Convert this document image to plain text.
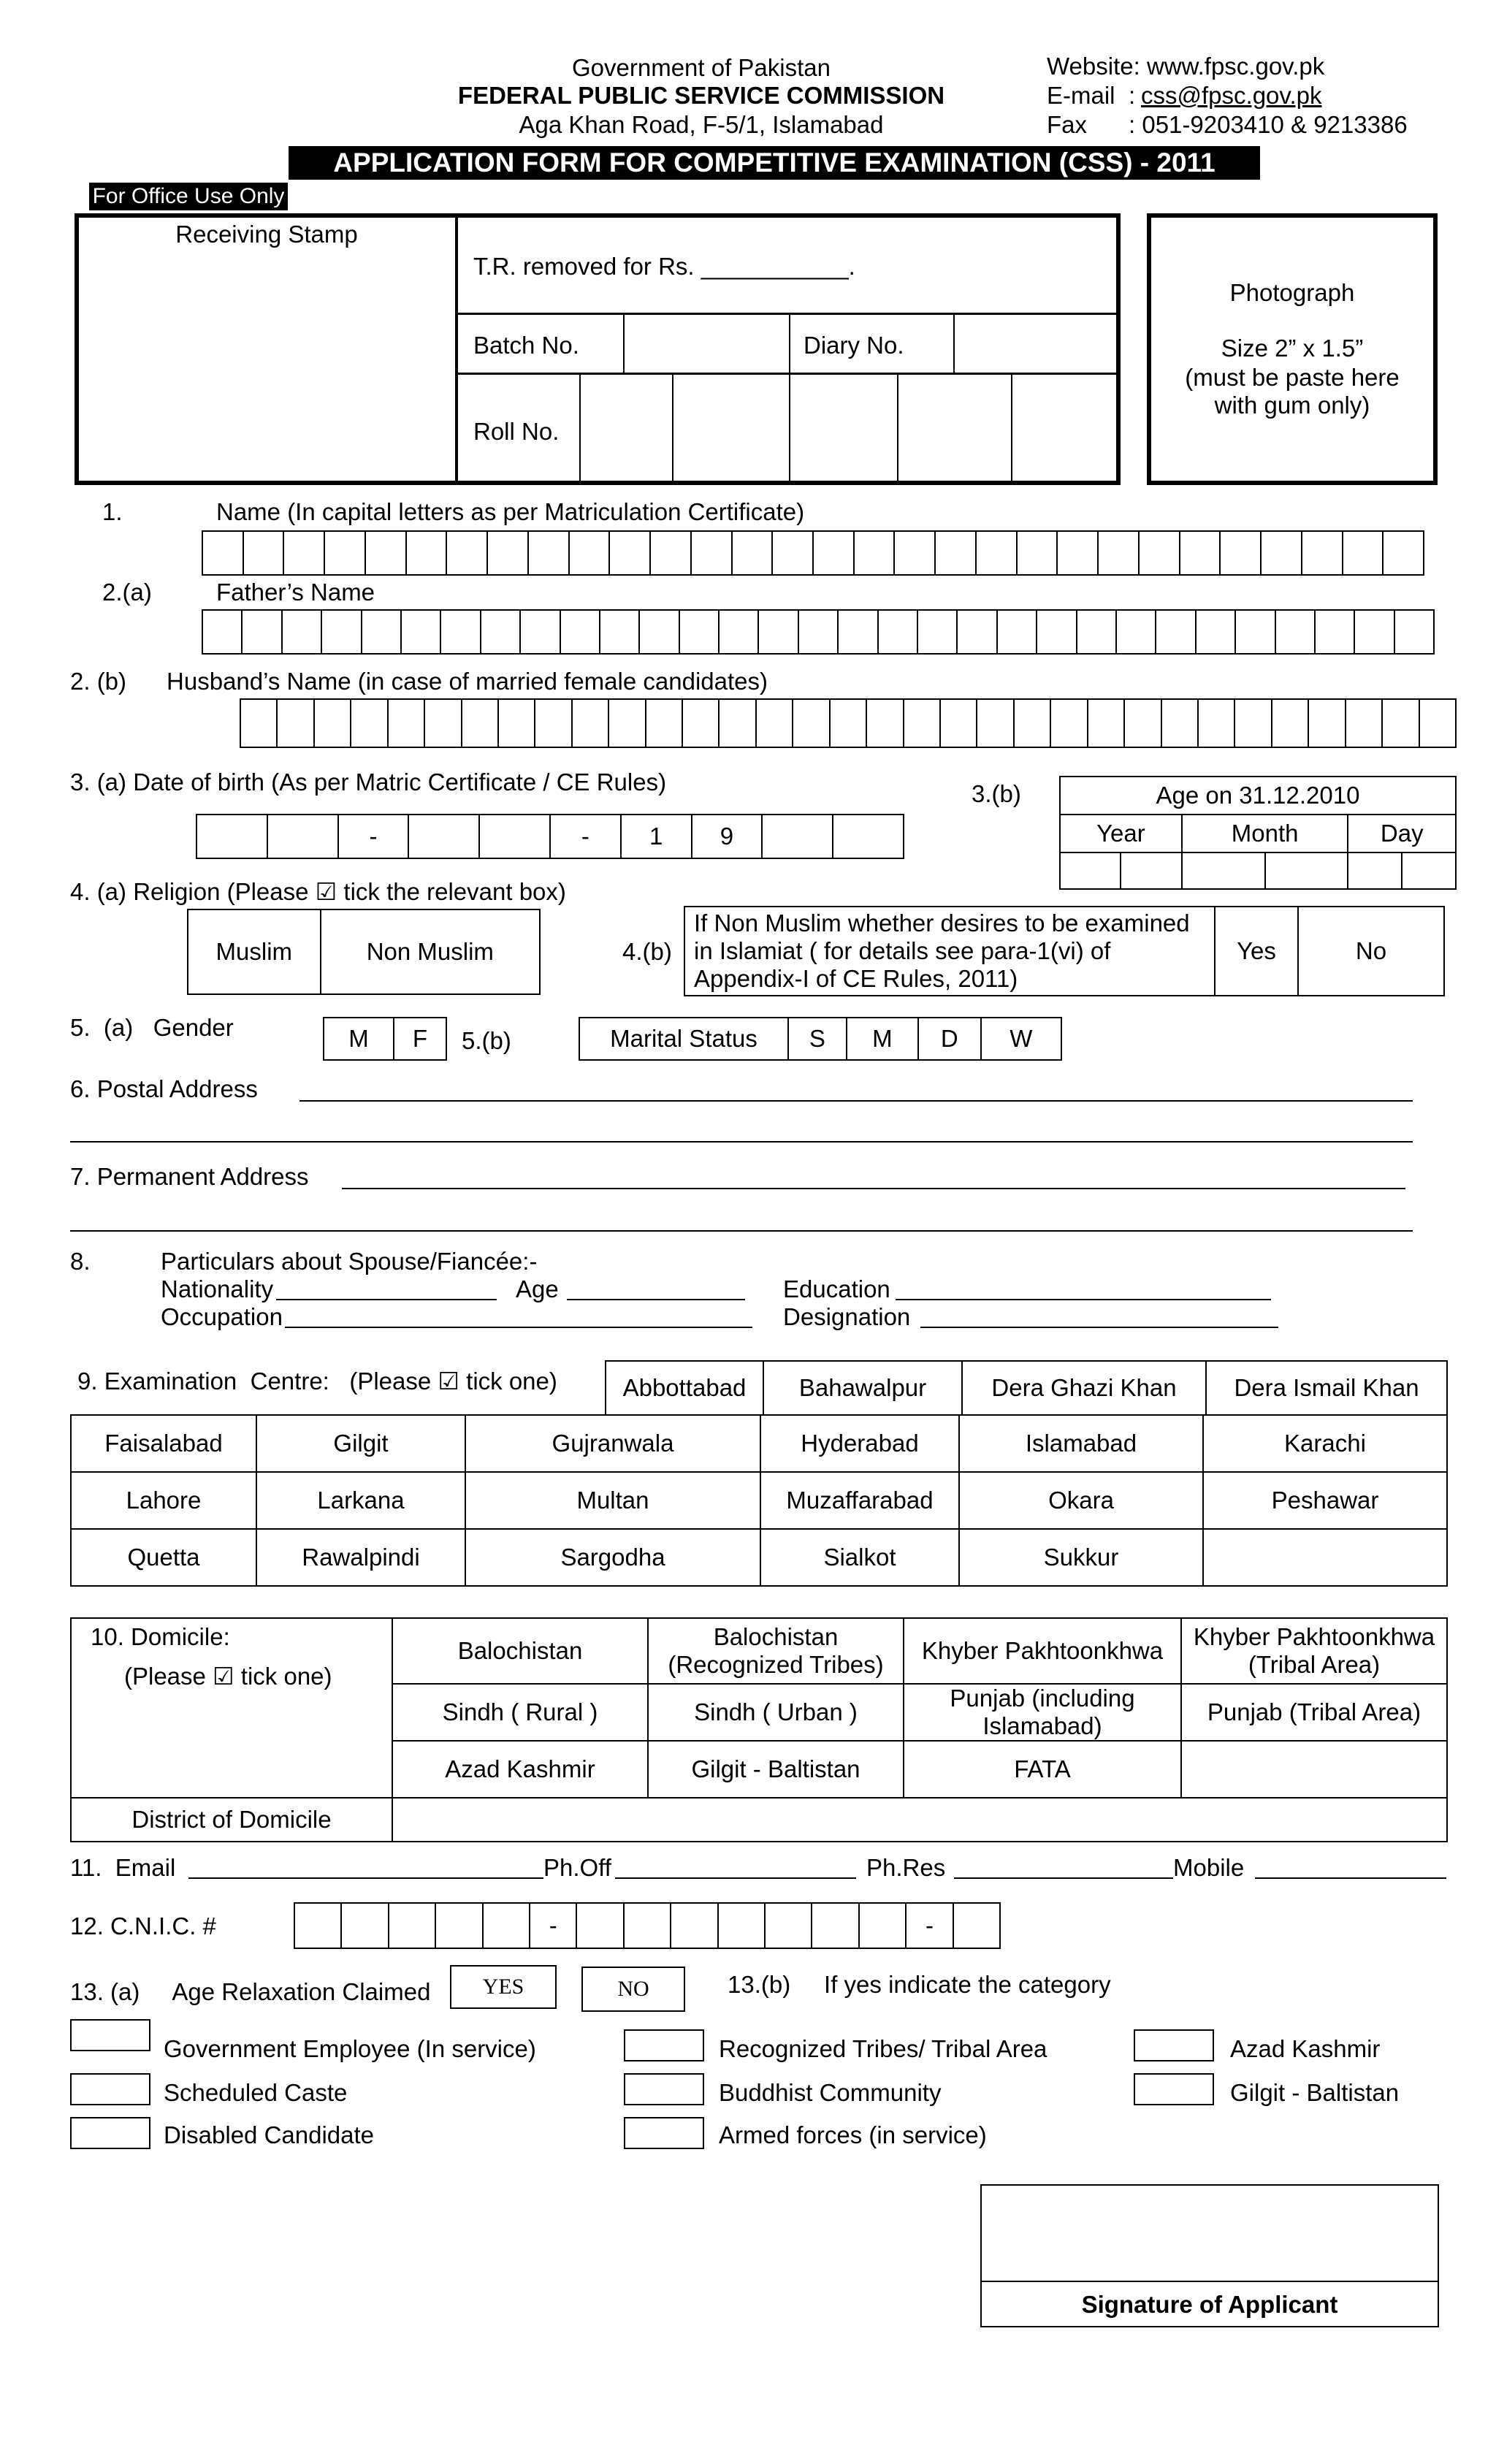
Government of Pakistan
FEDERAL PUBLIC SERVICE COMMISSION
Aga Khan Road, F-5/1, Islamabad
Website: www.fpsc.gov.pk
E-mail : css@fpsc.gov.pk
Fax : 051-9203410 & 9213386
APPLICATION FORM FOR COMPETITIVE EXAMINATION (CSS) - 2011
For Office Use Only
Receiving Stamp
T.R. removed for Rs. ___________.
Batch No.	Diary No.
Roll No.
Photograph
Size 2” x 1.5”
(must be paste here with gum only)
1.	Name (In capital letters as per Matriculation Certificate)
2.(a)	Father’s Name
2. (b)      Husband’s Name (in case of married female candidates)
3. (a) Date of birth (As per Matric Certificate / CE Rules)
-	-	1	9
3.(b)	Age on 31.12.2010					
Year		Month		Day	

4. (a) Religion (Please ☑ tick the relevant box)
Muslim	Non Muslim	4.(b)
If Non Muslim whether desires to be examined in Islamiat ( for details see para-1(vi) of Appendix-I of CE Rules, 2011)	Yes	No
5.  (a)   Gender	M	F 5.(b)	Marital Status	S	M	D	W
6. Postal Address
7. Permanent Address
8.	Particulars about Spouse/Fiancée:-
Nationality	Age	Education
Occupation	Designation
9. Examination  Centre:   (Please ☑ tick one)	Abbottabad	Bahawalpur	Dera Ghazi Khan	Dera Ismail Khan
Faisalabad	Gilgit	Gujranwala	Hyderabad	Islamabad	Karachi
Lahore	Larkana	Multan	Muzaffarabad	Okara	Peshawar
Quetta	Rawalpindi	Sargodha	Sialkot	Sukkur	
10. Domicile:
(Please ☑ tick one)	Balochistan	Balochistan (Recognized Tribes)	Khyber Pakhtoonkhwa	Khyber Pakhtoonkhwa (Tribal Area)
	Sindh ( Rural )	Sindh ( Urban )	Punjab (including Islamabad)	Punjab (Tribal Area)
	Azad Kashmir	Gilgit - Baltistan	FATA	
District of Domicile				
11.  Email	Ph.Off	Ph.Res	Mobile
12. C.N.I.C. #	-	-
13. (a)     Age Relaxation Claimed	YES	NO	13.(b)     If yes indicate the category
Government Employee (In service)	Recognized Tribes/ Tribal Area	Azad Kashmir
Scheduled Caste	Buddhist Community	Gilgit - Baltistan
Disabled Candidate	Armed forces (in service)
Signature of Applicant
